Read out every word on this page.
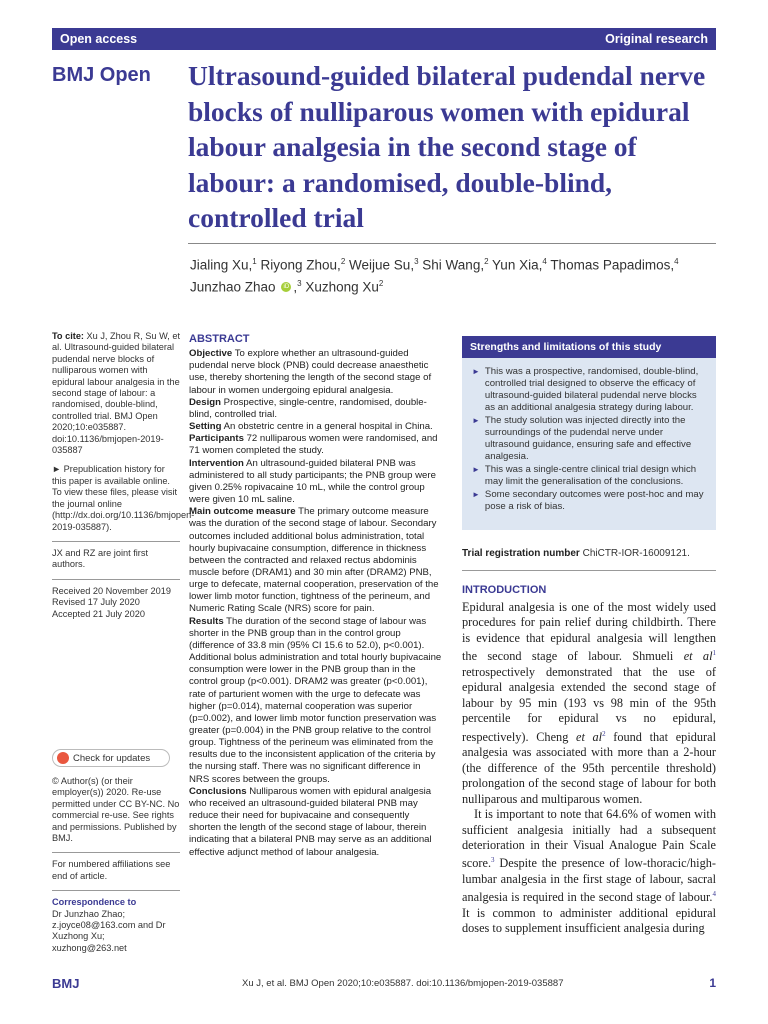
Open access	Original research
BMJ Open Ultrasound-guided bilateral pudendal nerve blocks of nulliparous women with epidural labour analgesia in the second stage of labour: a randomised, double-blind, controlled trial
Jialing Xu,$^1$ Riyong Zhou,$^2$ Weijue Su,$^3$ Shi Wang,$^2$ Yun Xia,$^4$ Thomas Papadimos,$^4$
Junzhao Zhao iD ,$^3$ Xuzhong Xu$^2$

To cite: Xu J, Zhou R, Su W, et al. Ultrasound-guided bilateral pudendal nerve blocks of nulliparous women with epidural labour analgesia in the second stage of labour: a randomised, double-blind, controlled trial. BMJ Open 2020;10:e035887. doi:10.1136/bmjopen-2019-035887

► Prepublication history for this paper is available online. To view these files, please visit the journal online (http://dx.doi.org/10.1136/bmjopen-2019-035887).

JX and RZ are joint first authors.

Received 20 November 2019
Revised 17 July 2020
Accepted 21 July 2020
Check for updates

© Author(s) (or their employer(s)) 2020. Re-use permitted under CC BY-NC. No commercial re-use. See rights and permissions. Published by BMJ.

For numbered affiliations see end of article.

Correspondence to
Dr Junzhao Zhao; z.joyce08@163.com and Dr Xuzhong Xu; xuzhong@263.net
ABSTRACT

Objective To explore whether an ultrasound-guided pudendal nerve block (PNB) could decrease anaesthetic use, thereby shortening the length of the second stage of labour in women undergoing epidural analgesia.

Design Prospective, single-centre, randomised, double-blind, controlled trial.

Setting An obstetric centre in a general hospital in China.

Participants 72 nulliparous women were randomised, and 71 women completed the study.

Intervention An ultrasound-guided bilateral PNB was administered to all study participants; the PNB group were given 0.25% ropivacaine 10 mL, while the control group were given 10 mL saline.

Main outcome measure The primary outcome measure was the duration of the second stage of labour. Secondary outcomes included additional bolus administration, total hourly bupivacaine consumption, difference in thickness between the contracted and relaxed rectus abdominis muscle before (DRAM1) and 30 min after (DRAM2) PNB, urge to defecate, maternal cooperation, preservation of the lower limb motor function, tightness of the perineum, and Numeric Rating Scale (NRS) score for pain.

Results The duration of the second stage of labour was shorter in the PNB group than in the control group (difference of 33.8 min (95% CI 15.6 to 52.0), p<0.001). Additional bolus administration and total hourly bupivacaine consumption were lower in the PNB group than in the control group (p<0.001). DRAM2 was greater (p<0.001), rate of parturient women with the urge to defecate was higher (p=0.014), maternal cooperation was superior (p=0.002), and lower limb motor function preservation was greater (p=0.004) in the PNB group relative to the control group. Tightness of the perineum was eliminated from the results due to the inconsistent application of the criteria by the nursing staff. There was no significant difference in NRS scores between the groups.

Conclusions Nulliparous women with epidural analgesia who received an ultrasound-guided bilateral PNB may reduce their need for bupivacaine and consequently shorten the length of the second stage of labour, therein indicating that a bilateral PNB may serve as an additional effective adjunct method of labour analgesia.

Strengths and limitations of this study
► This was a prospective, randomised, double-blind, controlled trial designed to observe the efficacy of ultrasound-guided bilateral pudendal nerve blocks as an additional analgesia strategy during labour.
► The study solution was injected directly into the surroundings of the pudendal nerve under ultrasound guidance, ensuring safe and effective analgesia.
► This was a single-centre clinical trial design which may limit the generalisation of the conclusions.
► Some secondary outcomes were post-hoc and may pose a risk of bias.
Trial registration number ChiCTR-IOR-16009121.
INTRODUCTION

Epidural analgesia is one of the most widely used procedures for pain relief during childbirth. There is evidence that epidural analgesia will lengthen the second stage of labour. Shmueli et $al^1$ retrospectively demonstrated that the use of epidural analgesia extended the second stage of labour by 95 min (193 vs 98 min of the 95th percentile for epidural vs no epidural, respectively). Cheng et $al^2$ found that epidural analgesia was associated with more than a 2-hour (the difference of the 95th percentile threshold) prolongation of the second stage of labour for both nulliparous and multiparous women.

It is important to note that 64.6% of women with sufficient analgesia initially had a subsequent deterioration in their Visual Analogue Pain Scale score.$^3$ Despite the presence of low-thoracic/high-lumbar analgesia in the first stage of labour, sacral analgesia is required in the second stage of labour.$^4$ It is common to administer additional epidural doses to supplement insufficient analgesia during

BMJ	Xu J, et al. BMJ Open 2020;10:e035887. doi:10.1136/bmjopen-2019-035887	1
